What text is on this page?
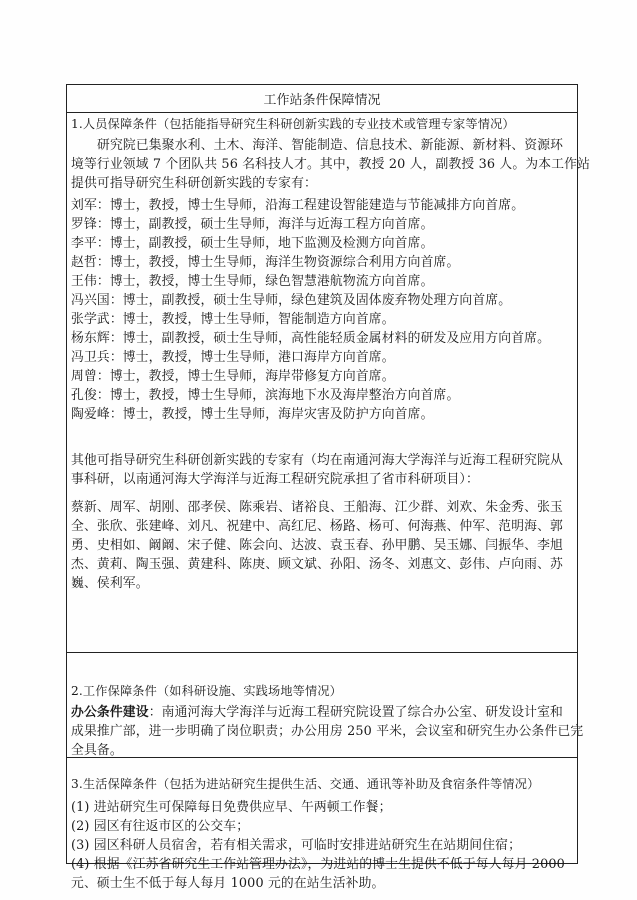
工作站条件保障情况
1.人员保障条件（包括能指导研究生科研创新实践的专业技术或管理专家等情况）
研究院已集聚水利、土木、海洋、智能制造、信息技术、新能源、新材料、资源环
境等行业领域 7 个团队共 56 名科技人才。其中，教授 20 人，副教授 36 人。为本工作站
提供可指导研究生科研创新实践的专家有：
刘军：博士，教授，博士生导师，沿海工程建设智能建造与节能减排方向首席。
罗锋：博士，副教授，硕士生导师，海洋与近海工程方向首席。
李平：博士，副教授，硕士生导师，地下监测及检测方向首席。
赵哲：博士，教授，博士生导师，海洋生物资源综合利用方向首席。
王伟：博士，教授，博士生导师，绿色智慧港航物流方向首席。
冯兴国：博士，副教授，硕士生导师，绿色建筑及固体废弃物处理方向首席。
张学武：博士，教授，博士生导师，智能制造方向首席。
杨东辉：博士，副教授，硕士生导师，高性能轻质金属材料的研发及应用方向首席。
冯卫兵：博士，教授，博士生导师，港口海岸方向首席。
周曾：博士，教授，博士生导师，海岸带修复方向首席。
孔俊：博士，教授，博士生导师，滨海地下水及海岸整治方向首席。
陶爱峰：博士，教授，博士生导师，海岸灾害及防护方向首席。
其他可指导研究生科研创新实践的专家有（均在南通河海大学海洋与近海工程研究院从
事科研，以南通河海大学海洋与近海工程研究院承担了省市科研项目）：
蔡新、周军、胡刚、邵孝侯、陈乘岩、诸裕良、王船海、江少群、刘欢、朱金秀、张玉
全、张欣、张建峰、刘凡、祝建中、高红尼、杨路、杨可、何海燕、仲军、范明海、郭
勇、史相如、阚阚、宋子健、陈会向、达波、袁玉春、孙甲鹏、吴玉娜、闫振华、李旭
杰、黄莉、陶玉强、黄建科、陈庚、顾文斌、孙阳、汤冬、刘惠文、彭伟、卢向雨、苏
巍、侯利军。
2.工作保障条件（如科研设施、实践场地等情况）
办公条件建设：南通河海大学海洋与近海工程研究院设置了综合办公室、研发设计室和
成果推广部，进一步明确了岗位职责；办公用房 250 平米，会议室和研究生办公条件已完
全具备。
3.生活保障条件（包括为进站研究生提供生活、交通、通讯等补助及食宿条件等情况）
(1) 进站研究生可保障每日免费供应早、午两顿工作餐；
(2) 园区有往返市区的公交车；
(3) 园区科研人员宿舍，若有相关需求，可临时安排进站研究生在站期间住宿；
(4) 根据《江苏省研究生工作站管理办法》，为进站的博士生提供不低于每人每月 2000
元、硕士生不低于每人每月 1000 元的在站生活补助。
